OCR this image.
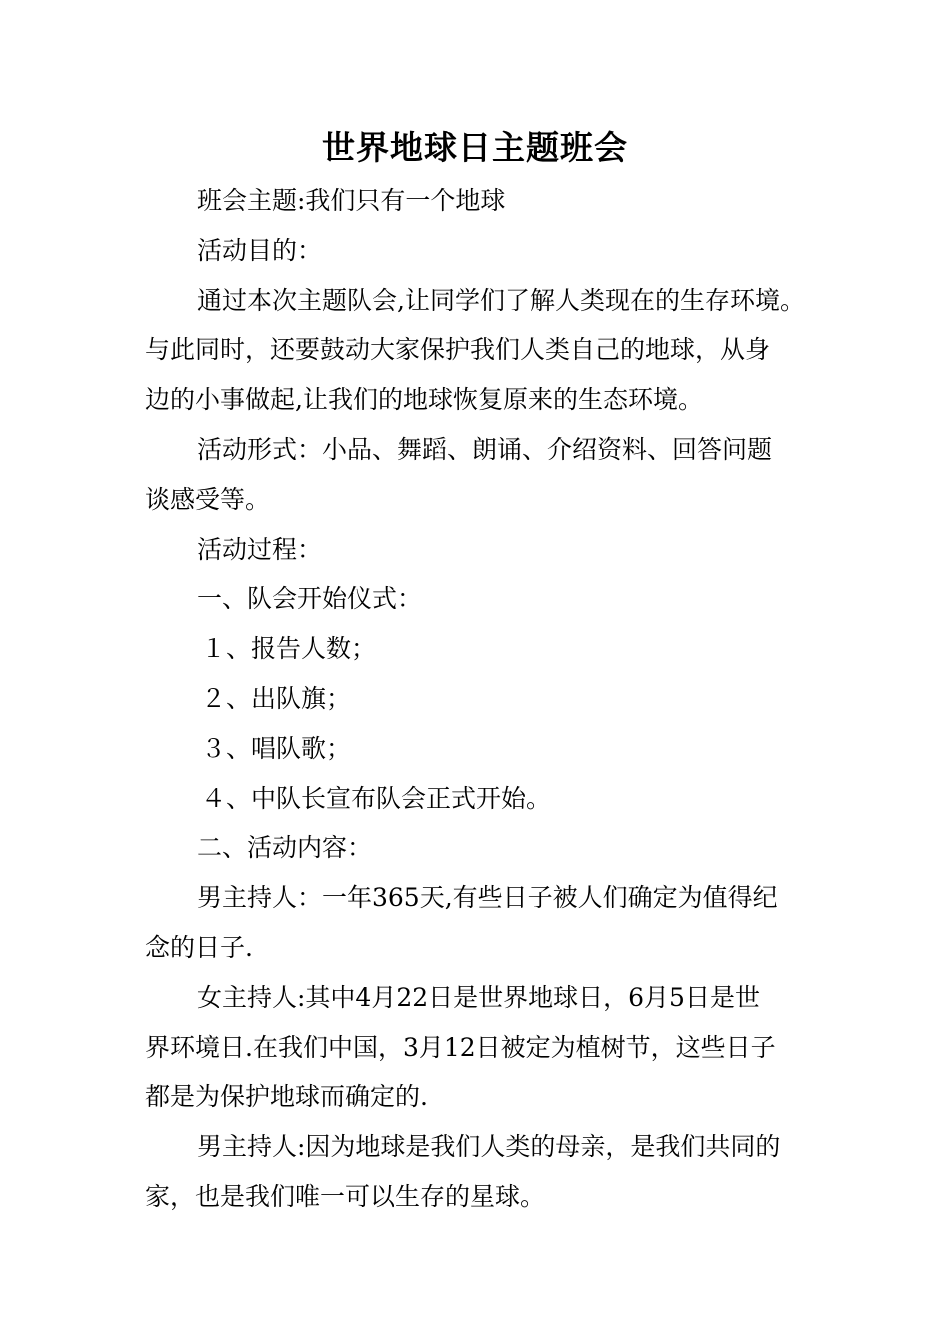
世界地球日主题班会

班会主题:我们只有一个地球

活动目的：

通过本次主题队会,让同学们了解人类现在的生存环境。

与此同时，还要鼓动大家保护我们人类自己的地球，从身

边的小事做起,让我们的地球恢复原来的生态环境。

活动形式：小品、舞蹈、朗诵、介绍资料、回答问题

谈感受等。

活动过程：

一、队会开始仪式：

１、报告人数；

２、出队旗；

３、唱队歌；

４、中队长宣布队会正式开始。

二、活动内容：

男主持人：一年365天,有些日子被人们确定为值得纪

念的日子.

女主持人:其中4月22日是世界地球日，6月5日是世

界环境日.在我们中国，3月12日被定为植树节，这些日子

都是为保护地球而确定的.

男主持人:因为地球是我们人类的母亲，是我们共同的

家，也是我们唯一可以生存的星球。
